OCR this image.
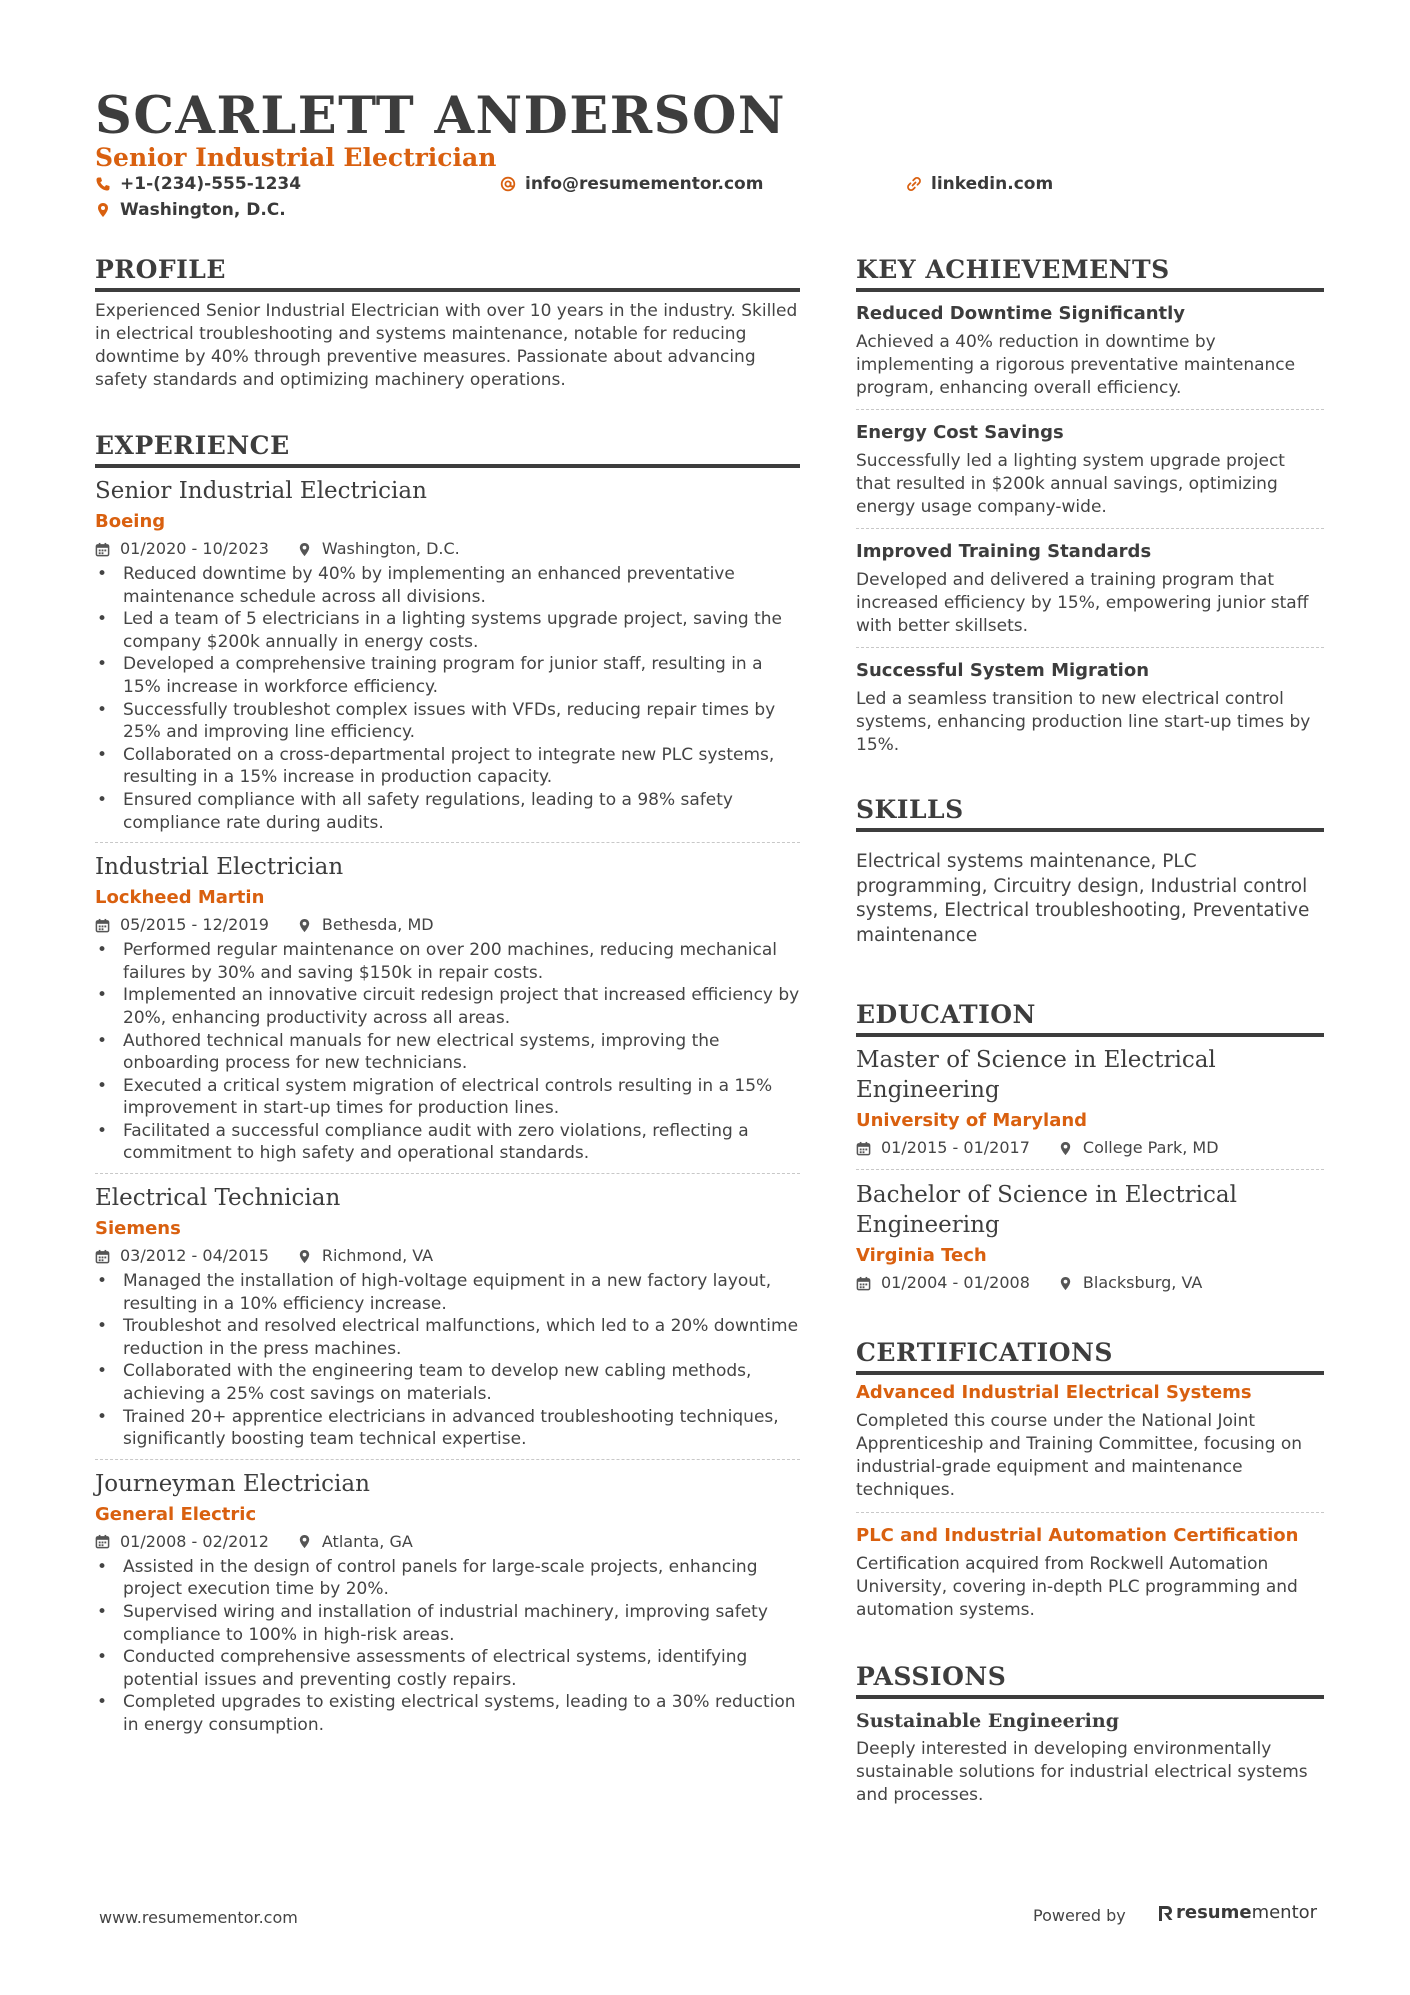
SCARLETT ANDERSON
Senior Industrial Electrician
+1-(234)-555-1234	info@resumementor.com	linkedin.com
Washington, D.C.
PROFILE
Experienced Senior Industrial Electrician with over 10 years in the industry. Skilled in electrical troubleshooting and systems maintenance, notable for reducing downtime by 40% through preventive measures. Passionate about advancing safety standards and optimizing machinery operations.
EXPERIENCE
Senior Industrial Electrician
Boeing
01/2020 - 10/2023	Washington, D.C.
• Reduced downtime by 40% by implementing an enhanced preventative maintenance schedule across all divisions.
• Led a team of 5 electricians in a lighting systems upgrade project, saving the company $200k annually in energy costs.
• Developed a comprehensive training program for junior staff, resulting in a 15% increase in workforce efficiency.
• Successfully troubleshot complex issues with VFDs, reducing repair times by 25% and improving line efficiency.
• Collaborated on a cross-departmental project to integrate new PLC systems, resulting in a 15% increase in production capacity.
• Ensured compliance with all safety regulations, leading to a 98% safety compliance rate during audits.
Industrial Electrician
Lockheed Martin
05/2015 - 12/2019	Bethesda, MD
• Performed regular maintenance on over 200 machines, reducing mechanical failures by 30% and saving $150k in repair costs.
• Implemented an innovative circuit redesign project that increased efficiency by 20%, enhancing productivity across all areas.
• Authored technical manuals for new electrical systems, improving the onboarding process for new technicians.
• Executed a critical system migration of electrical controls resulting in a 15% improvement in start-up times for production lines.
• Facilitated a successful compliance audit with zero violations, reflecting a commitment to high safety and operational standards.
Electrical Technician
Siemens
03/2012 - 04/2015	Richmond, VA
• Managed the installation of high-voltage equipment in a new factory layout, resulting in a 10% efficiency increase.
• Troubleshot and resolved electrical malfunctions, which led to a 20% downtime reduction in the press machines.
• Collaborated with the engineering team to develop new cabling methods, achieving a 25% cost savings on materials.
• Trained 20+ apprentice electricians in advanced troubleshooting techniques, significantly boosting team technical expertise.
Journeyman Electrician
General Electric
01/2008 - 02/2012	Atlanta, GA
• Assisted in the design of control panels for large-scale projects, enhancing project execution time by 20%.
• Supervised wiring and installation of industrial machinery, improving safety compliance to 100% in high-risk areas.
• Conducted comprehensive assessments of electrical systems, identifying potential issues and preventing costly repairs.
• Completed upgrades to existing electrical systems, leading to a 30% reduction in energy consumption.
KEY ACHIEVEMENTS
Reduced Downtime Significantly
Achieved a 40% reduction in downtime by implementing a rigorous preventative maintenance program, enhancing overall efficiency.
Energy Cost Savings
Successfully led a lighting system upgrade project that resulted in $200k annual savings, optimizing energy usage company-wide.
Improved Training Standards
Developed and delivered a training program that increased efficiency by 15%, empowering junior staff with better skillsets.
Successful System Migration
Led a seamless transition to new electrical control systems, enhancing production line start-up times by 15%.
SKILLS
Electrical systems maintenance, PLC programming, Circuitry design, Industrial control systems, Electrical troubleshooting, Preventative maintenance
EDUCATION
Master of Science in Electrical Engineering
University of Maryland
01/2015 - 01/2017	College Park, MD
Bachelor of Science in Electrical Engineering
Virginia Tech
01/2004 - 01/2008	Blacksburg, VA
CERTIFICATIONS
Advanced Industrial Electrical Systems
Completed this course under the National Joint Apprenticeship and Training Committee, focusing on industrial-grade equipment and maintenance techniques.
PLC and Industrial Automation Certification
Certification acquired from Rockwell Automation University, covering in-depth PLC programming and automation systems.
PASSIONS
Sustainable Engineering
Deeply interested in developing environmentally sustainable solutions for industrial electrical systems and processes.
www.resumementor.com	Powered by	resume mentor
